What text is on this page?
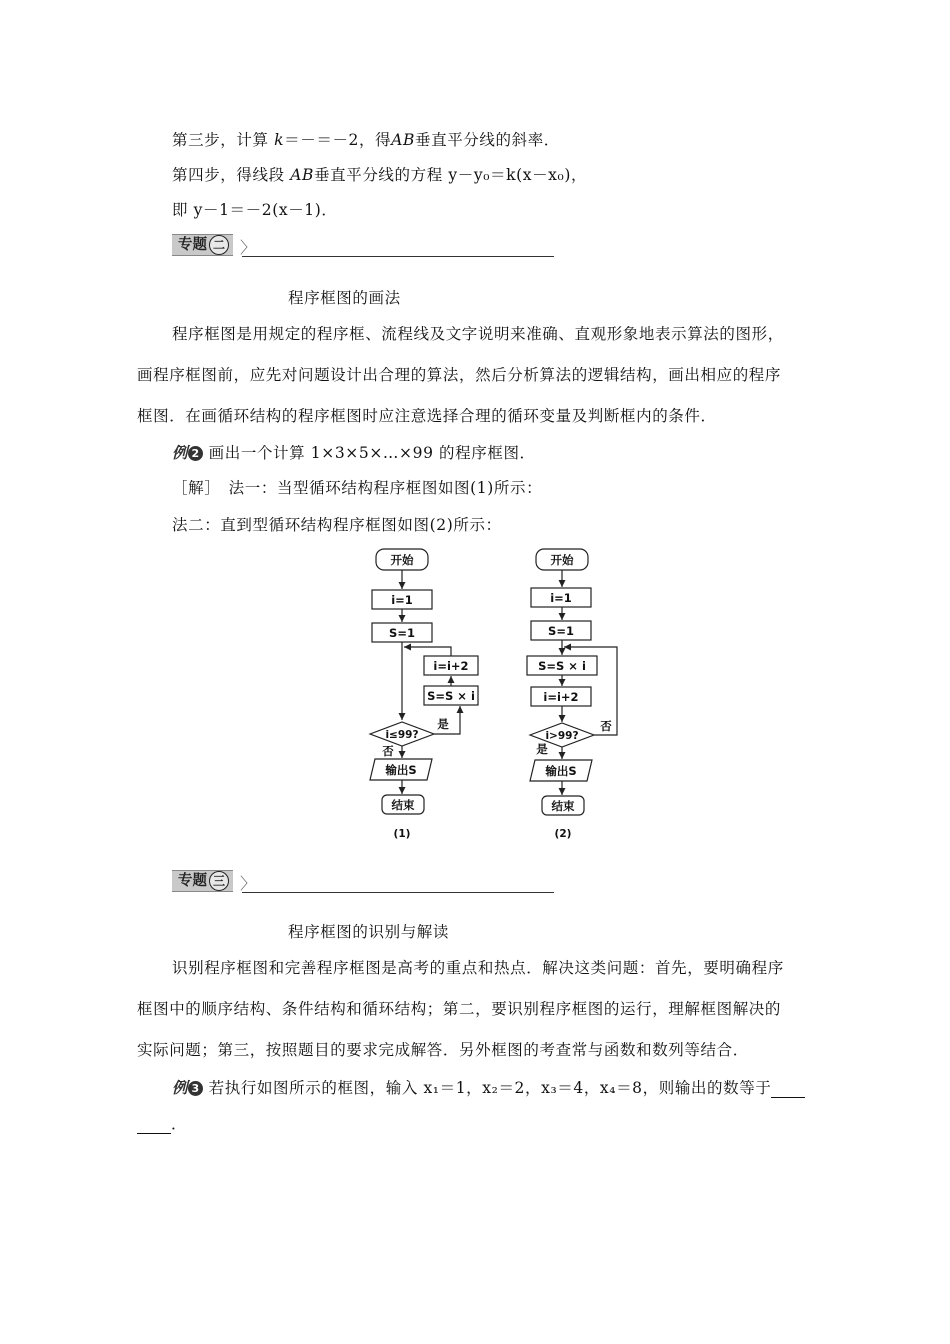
第三步，计算 k＝－＝－2，得AB垂直平分线的斜率．
第四步，得线段 AB垂直平分线的方程 y－y₀＝k(x－x₀)，
即 y－1＝－2(x－1)．
专题 二 〉
程序框图的画法
程序框图是用规定的程序框、流程线及文字说明来准确、直观形象地表示算法的图形，
画程序框图前，应先对问题设计出合理的算法，然后分析算法的逻辑结构，画出相应的程序
框图．在画循环结构的程序框图时应注意选择合理的循环变量及判断框内的条件．
例 2 画出一个计算 1×3×5×…×99 的程序框图．
［解］　法一：当型循环结构程序框图如图(1)所示：
法二：直到型循环结构程序框图如图(2)所示：
开始
i=1
S=1
i=i+2
S=S × i
i≤99?
是
否
输出S
结束
(1)
开始
i=1
S=1
S=S × i
i=i+2
i>99?
是
否
输出S
结束
(2)
专题 三 〉
程序框图的识别与解读
识别程序框图和完善程序框图是高考的重点和热点．解决这类问题：首先，要明确程序
框图中的顺序结构、条件结构和循环结构；第二，要识别程序框图的运行，理解框图解决的
实际问题；第三，按照题目的要求完成解答．另外框图的考查常与函数和数列等结合．
例 3 若执行如图所示的框图，输入 x₁＝1，x₂＝2，x₃＝4，x₄＝8，则输出的数等于
．
